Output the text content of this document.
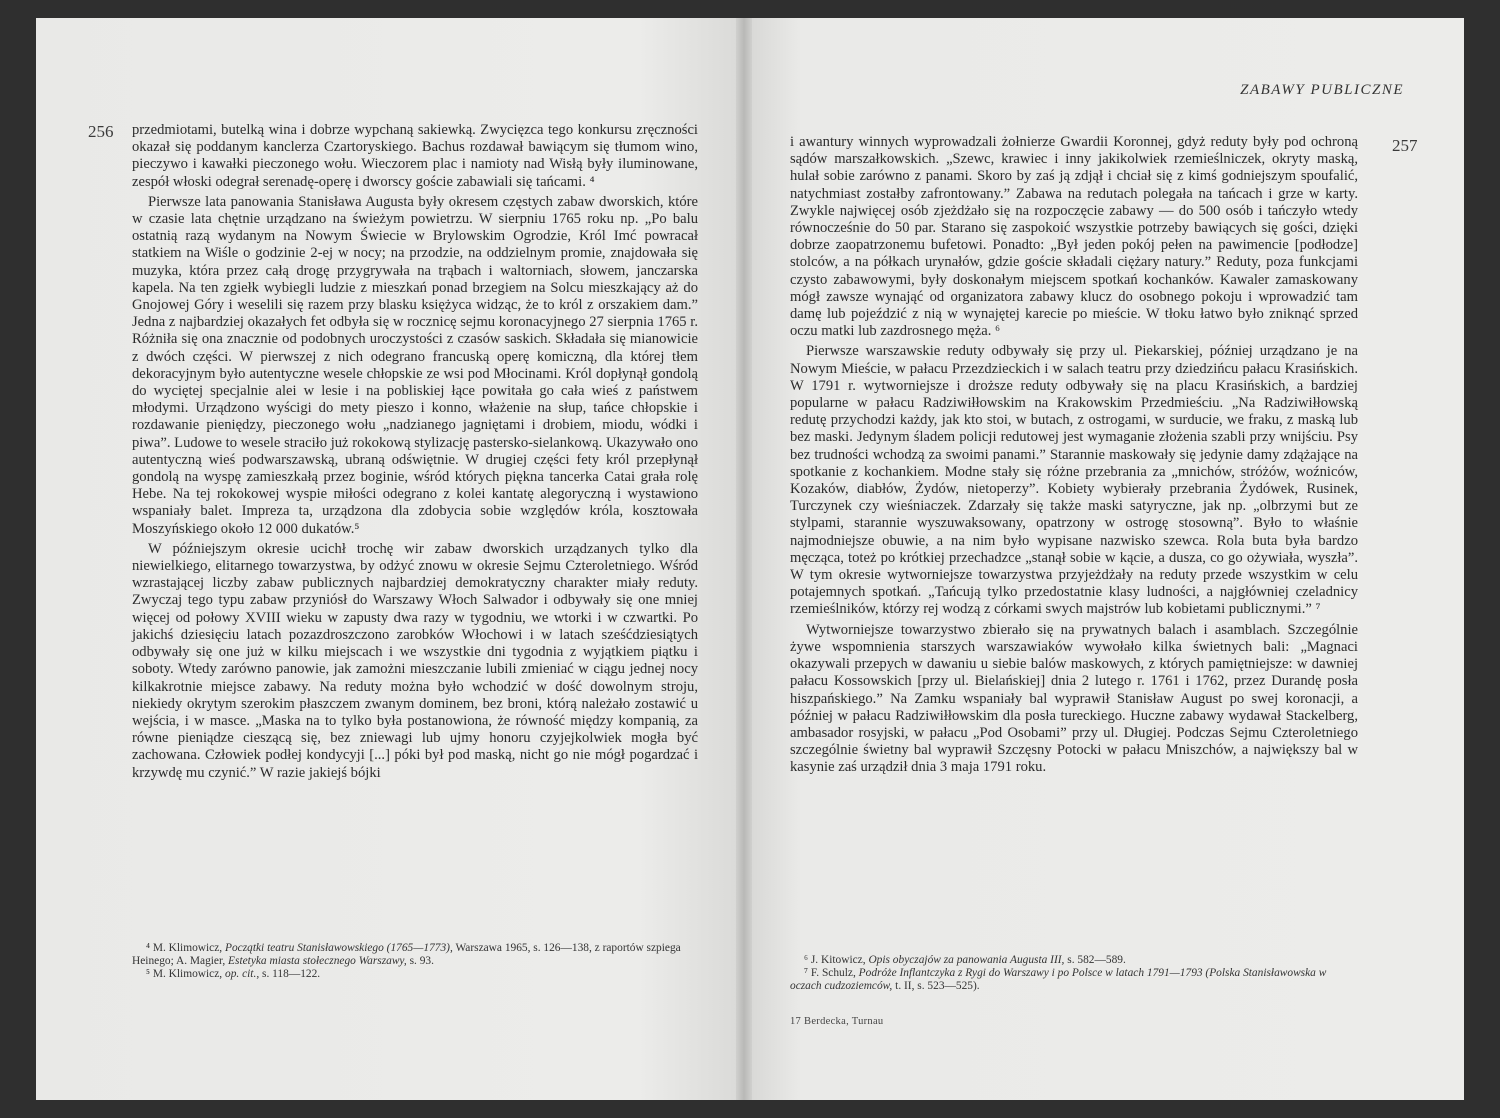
256 przedmiotami, butelką wina i dobrze wypchaną sakiewką. Zwycięzca tego konkursu zręczności okazał się poddanym kanclerza Czartoryskiego. Bachus rozdawał bawiącym się tłumom wino, pieczywo i kawałki pieczonego wołu. Wieczorem plac i namioty nad Wisłą były iluminowane, zespół włoski odegrał serenadę-operę i dworscy goście zabawiali się tańcami. ⁴

Pierwsze lata panowania Stanisława Augusta były okresem częstych zabaw dworskich, które w czasie lata chętnie urządzano na świeżym powietrzu. W sierpniu 1765 roku np. „Po balu ostatnią razą wydanym na Nowym Świecie w Brylowskim Ogrodzie, Król Imć powracał statkiem na Wiśle o godzinie 2-ej w nocy; na przodzie, na oddzielnym promie, znajdowała się muzyka, która przez całą drogę przygrywała na trąbach i waltorniach, słowem, janczarska kapela. Na ten zgiełk wybiegli ludzie z mieszkań ponad brzegiem na Solcu mieszkający aż do Gnojowej Góry i weselili się razem przy blasku księżyca widząc, że to król z orszakiem dam.” Jedna z najbardziej okazałych fet odbyła się w rocznicę sejmu koronacyjnego 27 sierpnia 1765 r. Różniła się ona znacznie od podobnych uroczystości z czasów saskich. Składała się mianowicie z dwóch części. W pierwszej z nich odegrano francuską operę komiczną, dla której tłem dekoracyjnym było autentyczne wesele chłopskie ze wsi pod Młocinami. Król dopłynął gondolą do wyciętej specjalnie alei w lesie i na pobliskiej łące powitała go cała wieś z państwem młodymi. Urządzono wyścigi do mety pieszo i konno, włażenie na słup, tańce chłopskie i rozdawanie pieniędzy, pieczonego wołu „nadzianego jagniętami i drobiem, miodu, wódki i piwa”. Ludowe to wesele straciło już rokokową stylizację pastersko-sielankową. Ukazywało ono autentyczną wieś podwarszawską, ubraną odświętnie. W drugiej części fety król przepłynął gondolą na wyspę zamieszkałą przez boginie, wśród których piękna tancerka Catai grała rolę Hebe. Na tej rokokowej wyspie miłości odegrano z kolei kantatę alegoryczną i wystawiono wspaniały balet. Impreza ta, urządzona dla zdobycia sobie względów króla, kosztowała Moszyńskiego około 12 000 dukatów.⁵

W późniejszym okresie ucichł trochę wir zabaw dworskich urządzanych tylko dla niewielkiego, elitarnego towarzystwa, by odżyć znowu w okresie Sejmu Czteroletniego. Wśród wzrastającej liczby zabaw publicznych najbardziej demokratyczny charakter miały reduty. Zwyczaj tego typu zabaw przyniósł do Warszawy Włoch Salwador i odbywały się one mniej więcej od połowy XVIII wieku w zapusty dwa razy w tygodniu, we wtorki i w czwartki. Po jakichś dziesięciu latach pozazdroszczono zarobków Włochowi i w latach sześćdziesiątych odbywały się one już w kilku miejscach i we wszystkie dni tygodnia z wyjątkiem piątku i soboty. Wtedy zarówno panowie, jak zamożni mieszczanie lubili zmieniać w ciągu jednej nocy kilkakrotnie miejsce zabawy. Na reduty można było wchodzić w dość dowolnym stroju, niekiedy okrytym szerokim płaszczem zwanym dominem, bez broni, którą należało zostawić u wejścia, i w masce. „Maska na to tylko była postanowiona, że równość między kompanią, za równe pieniądze cieszącą się, bez zniewagi lub ujmy honoru czyjejkolwiek mogła być zachowana. Człowiek podłej kondycyji [...] póki był pod maską, nicht go nie mógł pogardzać i krzywdę mu czynić.” W razie jakiejś bójki

⁴ M. Klimowicz, Początki teatru Stanisławowskiego (1765—1773), Warszawa 1965, s. 126—138, z raportów szpiega Heinego; A. Magier, Estetyka miasta stołecznego Warszawy, s. 93.
⁵ M. Klimowicz, op. cit., s. 118—122.
ZABAWY PUBLICZNE
257

i awantury winnych wyprowadzali żołnierze Gwardii Koronnej, gdyż reduty były pod ochroną sądów marszałkowskich. „Szewc, krawiec i inny jakikolwiek rzemieślniczek, okryty maską, hulał sobie zarówno z panami. Skoro by zaś ją zdjął i chciał się z kimś godniejszym spoufalić, natychmiast zostałby zafrontowany.” Zabawa na redutach polegała na tańcach i grze w karty. Zwykle najwięcej osób zjeżdżało się na rozpoczęcie zabawy — do 500 osób i tańczyło wtedy równocześnie do 50 par. Starano się zaspokoić wszystkie potrzeby bawiących się gości, dzięki dobrze zaopatrzonemu bufetowi. Ponadto: „Był jeden pokój pełen na pawimencie [podłodze] stolców, a na półkach urynałów, gdzie goście składali ciężary natury.” Reduty, poza funkcjami czysto zabawowymi, były doskonałym miejscem spotkań kochanków. Kawaler zamaskowany mógł zawsze wynająć od organizatora zabawy klucz do osobnego pokoju i wprowadzić tam damę lub pojeździć z nią w wynajętej karecie po mieście. W tłoku łatwo było zniknąć sprzed oczu matki lub zazdrosnego męża. ⁶

Pierwsze warszawskie reduty odbywały się przy ul. Piekarskiej, później urządzano je na Nowym Mieście, w pałacu Przezdzieckich i w salach teatru przy dziedzińcu pałacu Krasińskich. W 1791 r. wytworniejsze i droższe reduty odbywały się na placu Krasińskich, a bardziej popularne w pałacu Radziwiłłowskim na Krakowskim Przedmieściu. „Na Radziwiłłowską redutę przychodzi każdy, jak kto stoi, w butach, z ostrogami, w surducie, we fraku, z maską lub bez maski. Jedynym śladem policji redutowej jest wymaganie złożenia szabli przy wnijściu. Psy bez trudności wchodzą za swoimi panami.” Starannie maskowały się jedynie damy zdążające na spotkanie z kochankiem. Modne stały się różne przebrania za „mnichów, stróżów, woźniców, Kozaków, diabłów, Żydów, nietoperzy”. Kobiety wybierały przebrania Żydówek, Rusinek, Turczynek czy wieśniaczek. Zdarzały się także maski satyryczne, jak np. „olbrzymi but ze stylpami, starannie wyszuwaksowany, opatrzony w ostrogę stosowną”. Było to właśnie najmodniejsze obuwie, a na nim było wypisane nazwisko szewca. Rola buta była bardzo męcząca, toteż po krótkiej przechadzce „stanął sobie w kącie, a dusza, co go ożywiała, wyszła”. W tym okresie wytworniejsze towarzystwa przyjeżdżały na reduty przede wszystkim w celu potajemnych spotkań. „Tańcują tylko przedostatnie klasy ludności, a najgłówniej czeladnicy rzemieślników, którzy rej wodzą z córkami swych majstrów lub kobietami publicznymi.” ⁷

Wytworniejsze towarzystwo zbierało się na prywatnych balach i asamblach. Szczególnie żywe wspomnienia starszych warszawiaków wywołało kilka świetnych bali: „Magnaci okazywali przepych w dawaniu u siebie balów maskowych, z których pamiętniejsze: w dawniej pałacu Kossowskich [przy ul. Bielańskiej] dnia 2 lutego r. 1761 i 1762, przez Durandę posła hiszpańskiego.” Na Zamku wspaniały bal wyprawił Stanisław August po swej koronacji, a później w pałacu Radziwiłłowskim dla posła tureckiego. Huczne zabawy wydawał Stackelberg, ambasador rosyjski, w pałacu „Pod Osobami” przy ul. Długiej. Podczas Sejmu Czteroletniego szczególnie świetny bal wyprawił Szczęsny Potocki w pałacu Mniszchów, a największy bal w kasynie zaś urządził dnia 3 maja 1791 roku.

⁶ J. Kitowicz, Opis obyczajów za panowania Augusta III, s. 582—589.
⁷ F. Schulz, Podróże Inflantczyka z Rygi do Warszawy i po Polsce w latach 1791—1793 (Polska Stanisławowska w oczach cudzoziemców, t. II, s. 523—525).
17 Berdecka, Turnau
